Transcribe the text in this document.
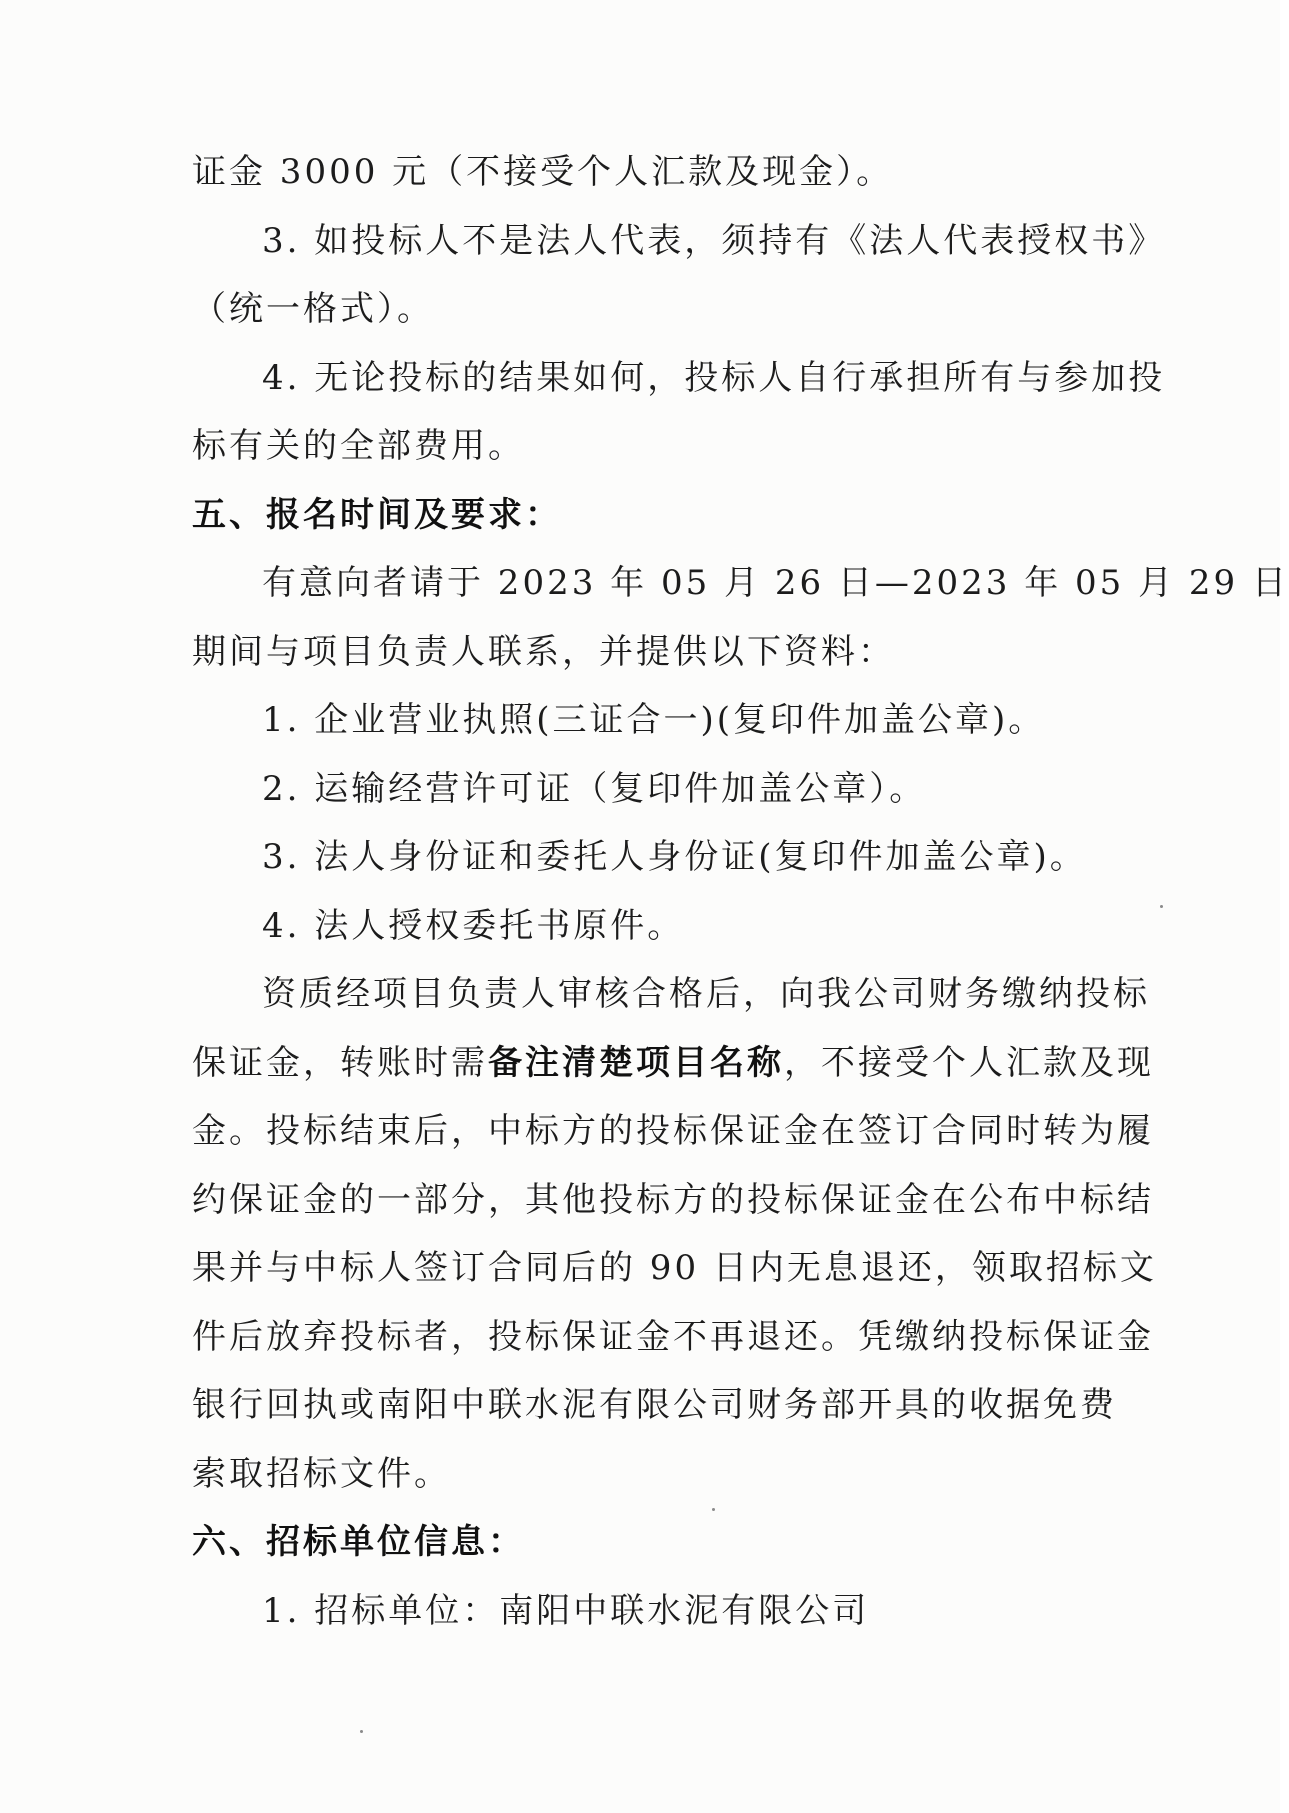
证金 3000 元（不接受个人汇款及现金）。
3. 如投标人不是法人代表，须持有《法人代表授权书》
（统一格式）。
4. 无论投标的结果如何，投标人自行承担所有与参加投
标有关的全部费用。
五、报名时间及要求：
有意向者请于 2023 年 05 月 26 日—2023 年 05 月 29 日
期间与项目负责人联系，并提供以下资料：
1. 企业营业执照(三证合一)(复印件加盖公章)。
2. 运输经营许可证（复印件加盖公章）。
3. 法人身份证和委托人身份证(复印件加盖公章)。
4. 法人授权委托书原件。
资质经项目负责人审核合格后，向我公司财务缴纳投标
保证金，转账时需备注清楚项目名称，不接受个人汇款及现
金。投标结束后，中标方的投标保证金在签订合同时转为履
约保证金的一部分，其他投标方的投标保证金在公布中标结
果并与中标人签订合同后的 90 日内无息退还，领取招标文
件后放弃投标者，投标保证金不再退还。凭缴纳投标保证金
银行回执或南阳中联水泥有限公司财务部开具的收据免费
索取招标文件。
六、招标单位信息：
1. 招标单位：南阳中联水泥有限公司
